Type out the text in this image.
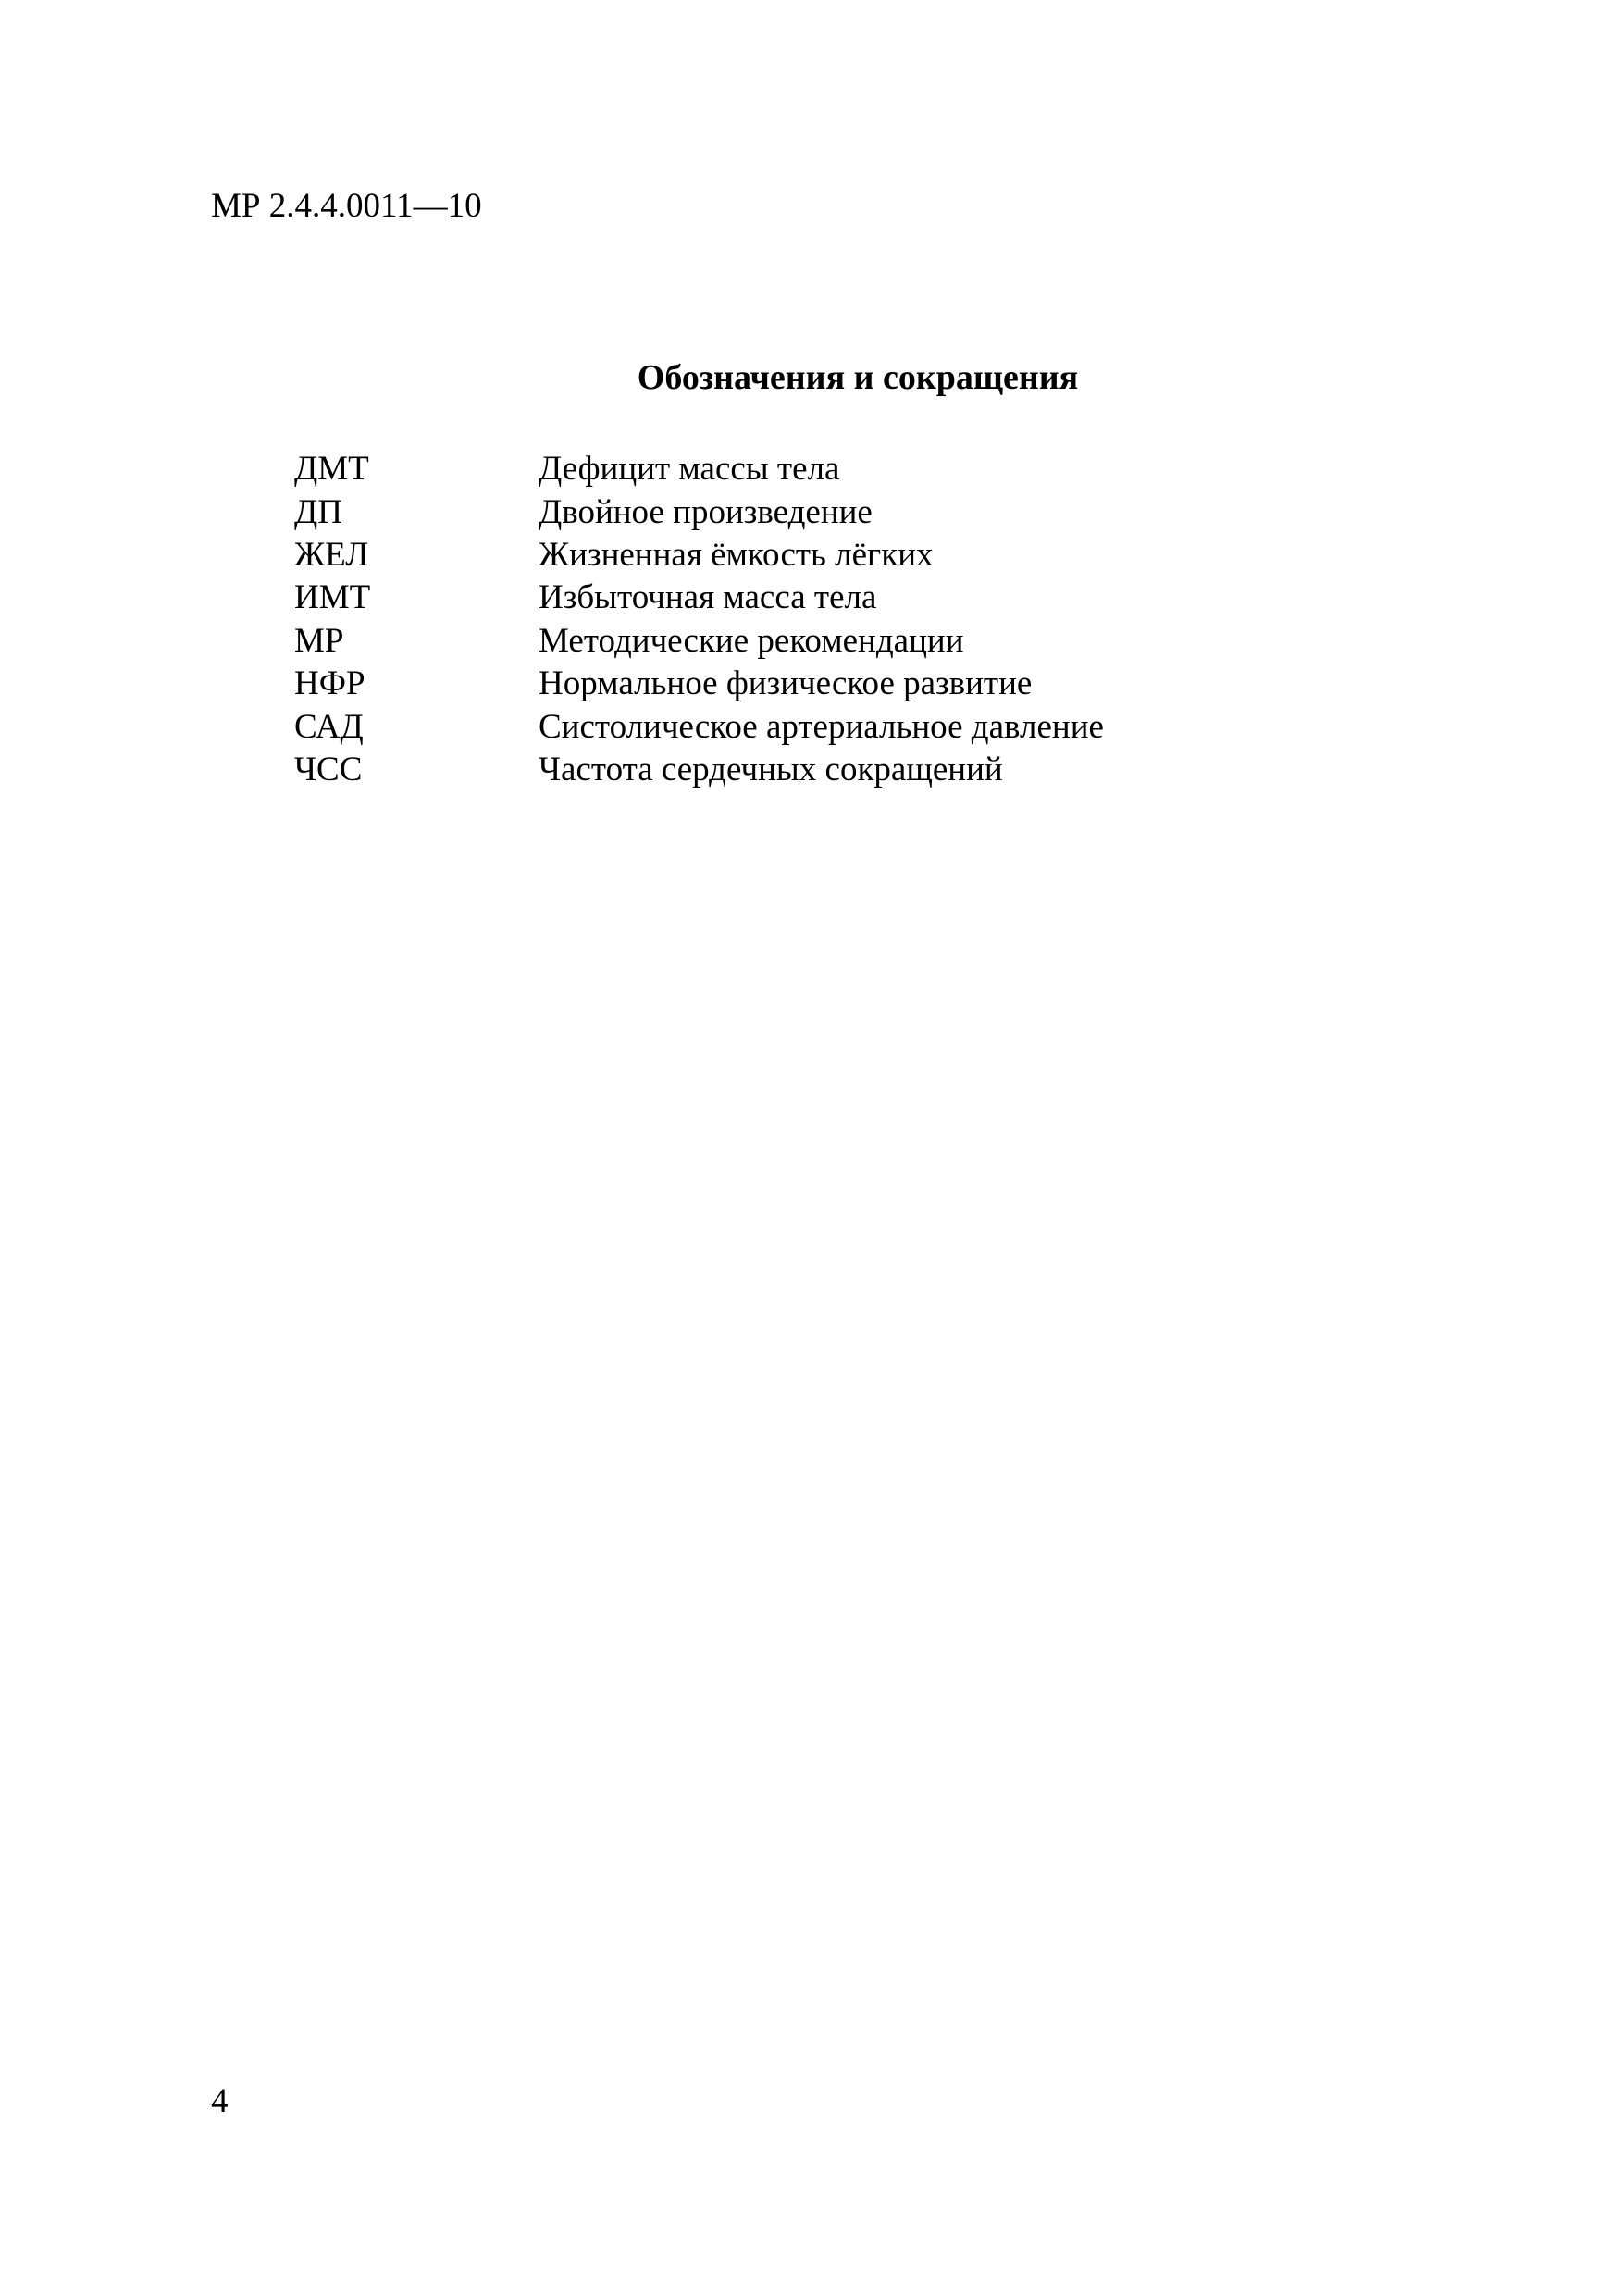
МР 2.4.4.0011—10
Обозначения и сокращения
ДМТ	Дефицит массы тела
ДП	Двойное произведение
ЖЕЛ	Жизненная ёмкость лёгких
ИМТ	Избыточная масса тела
МР	Методические рекомендации
НФР	Нормальное физическое развитие
САД	Систолическое артериальное давление
ЧСС	Частота сердечных сокращений
4
